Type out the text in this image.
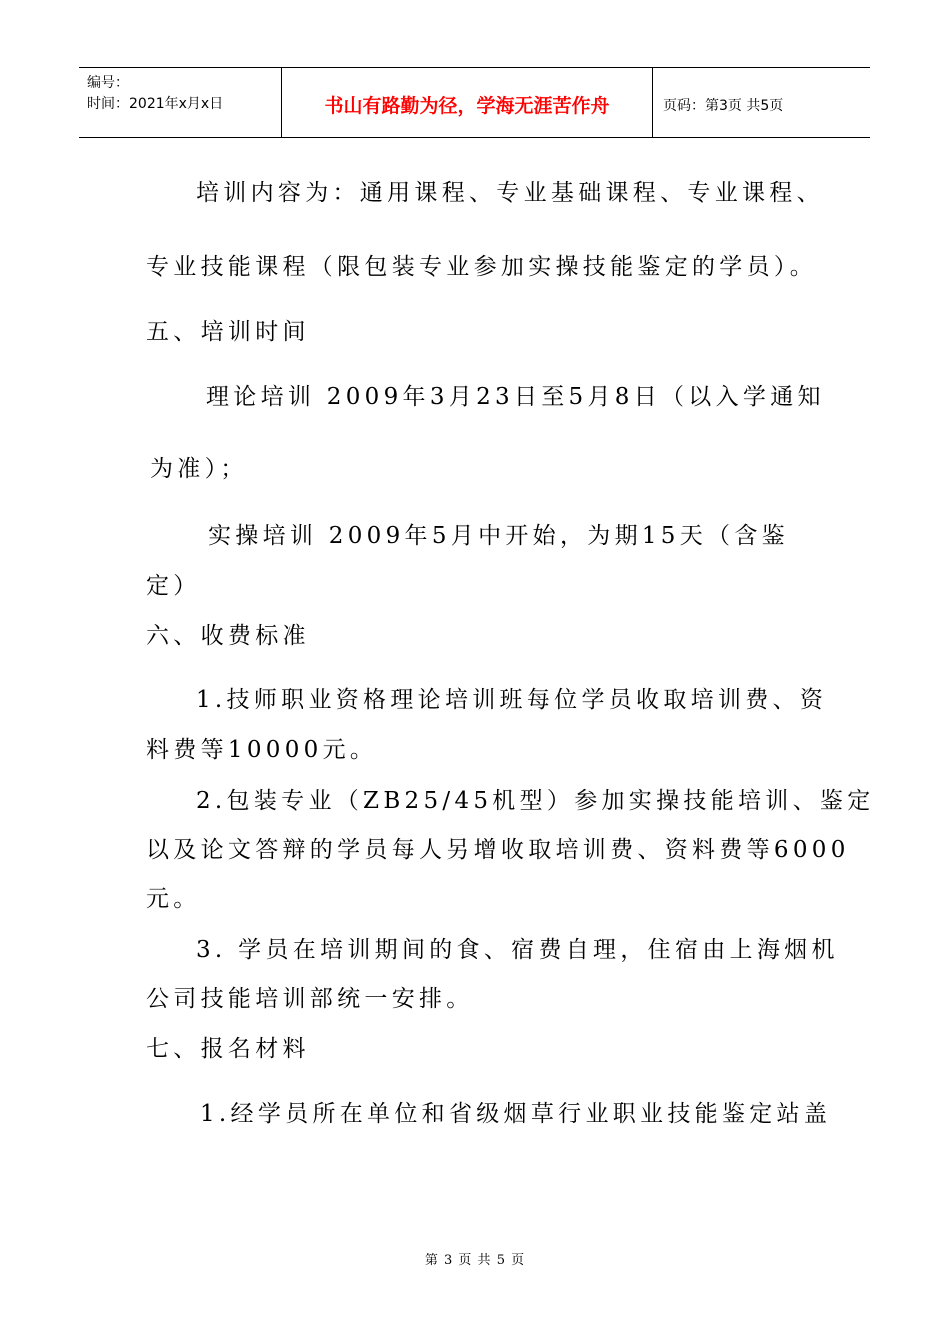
编号：
时间：2021年x月x日	书山有路勤为径，学海无涯苦作舟	页码：第3页 共5页
培训内容为：通用课程、专业基础课程、专业课程、
专业技能课程（限包装专业参加实操技能鉴定的学员）。
五、培训时间
理论培训 2009年3月23日至5月8日（以入学通知
为准）；
实操培训 2009年5月中开始，为期15天（含鉴
定）
六、收费标准
1.技师职业资格理论培训班每位学员收取培训费、资
料费等10000元。
2.包装专业（ZB25/45机型）参加实操技能培训、鉴定
以及论文答辩的学员每人另增收取培训费、资料费等6000
元。
3. 学员在培训期间的食、宿费自理，住宿由上海烟机
公司技能培训部统一安排。
七、报名材料
1.经学员所在单位和省级烟草行业职业技能鉴定站盖
第 3 页 共 5 页
